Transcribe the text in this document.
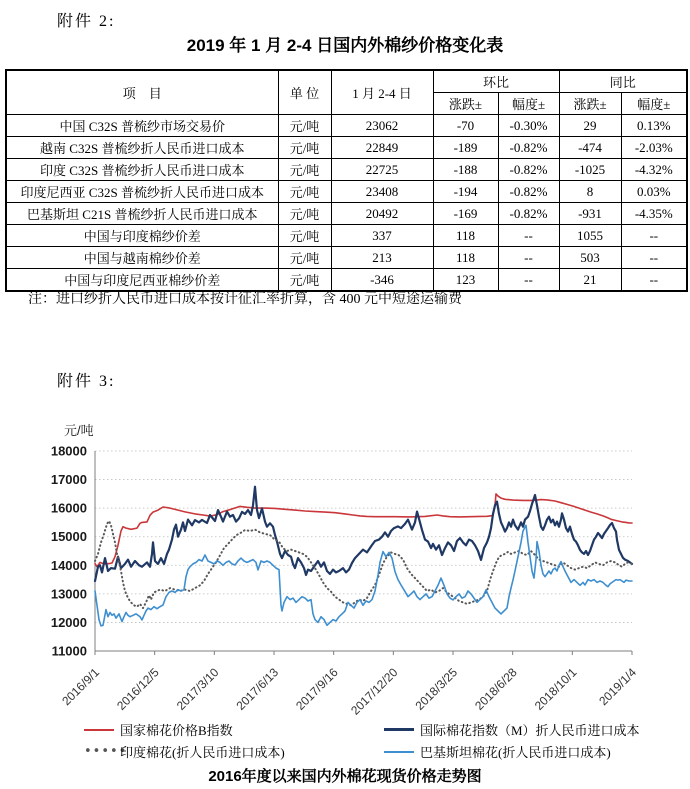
附件 2:
2019 年 1 月 2-4 日国内外棉纱价格变化表
项　目	单 位	1 月 2-4 日	环比		同比	
			涨跌±	幅度±	涨跌±	幅度±
中国 C32S 普梳纱市场交易价	元/吨	23062	-70	-0.30%	29	0.13%
越南 C32S 普梳纱折人民币进口成本	元/吨	22849	-189	-0.82%	-474	-2.03%
印度 C32S 普梳纱折人民币进口成本	元/吨	22725	-188	-0.82%	-1025	-4.32%
印度尼西亚 C32S 普梳纱折人民币进口成本	元/吨	23408	-194	-0.82%	8	0.03%
巴基斯坦 C21S 普梳纱折人民币进口成本	元/吨	20492	-169	-0.82%	-931	-4.35%
中国与印度棉纱价差	元/吨	337	118	--	1055	--
中国与越南棉纱价差	元/吨	213	118	--	503	--
中国与印度尼西亚棉纱价差	元/吨	-346	123	--	21	--
注：进口纱折人民币进口成本按计征汇率折算，含 400 元中短途运输费
附件 3:
元/吨
11000
12000
13000
14000
15000
16000
17000
18000
2016/9/1 2016/12/5 2017/3/10 2017/6/13 2017/9/16 2017/12/20 2018/3/25 2018/6/28 2018/10/1 2019/1/4
国家棉花价格B指数	国际棉花指数（M）折人民币进口成本
•••••
印度棉花(折人民币进口成本)	巴基斯坦棉花(折人民币进口成本)
2016年度以来国内外棉花现货价格走势图
